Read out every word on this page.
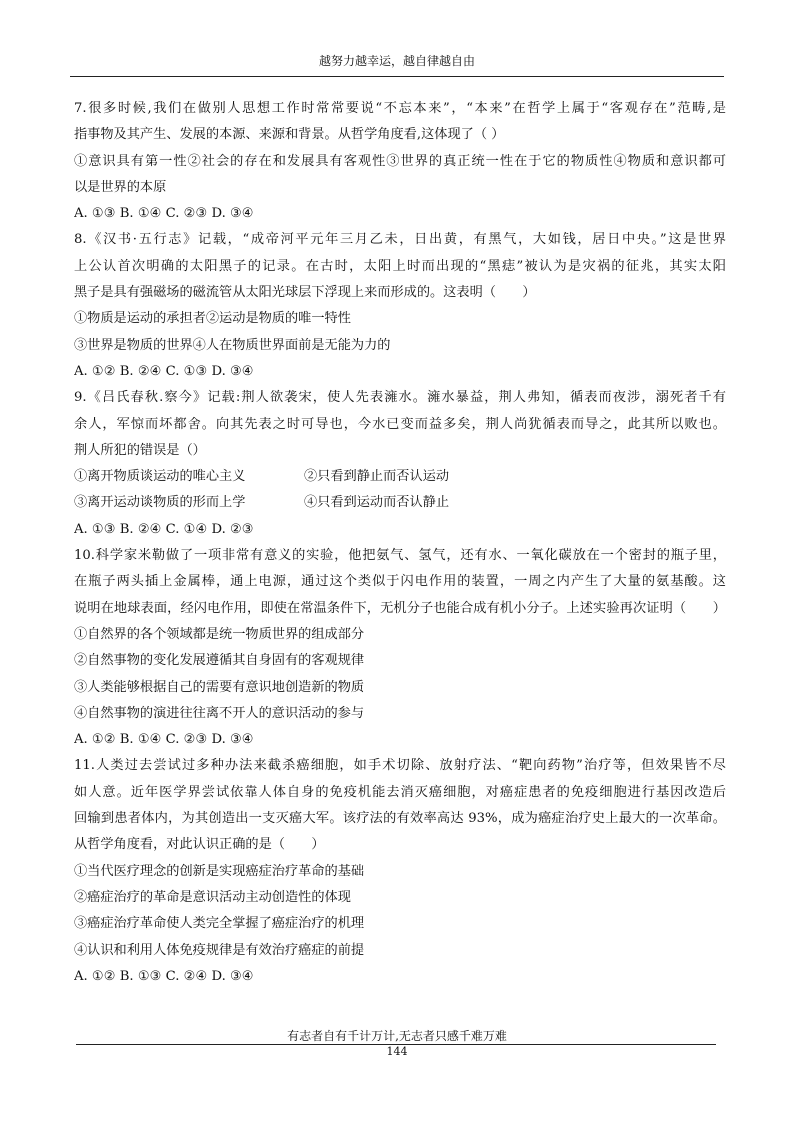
越努力越幸运，越自律越自由

7.很多时候,我们在做别人思想工作时常常要说“不忘本来”，“本来”在哲学上属于“客观存在”范畴,是

指事物及其产生、发展的本源、来源和背景。从哲学角度看,这体现了（ ）

①意识具有第一性②社会的存在和发展具有客观性③世界的真正统一性在于它的物质性④物质和意识都可

以是世界的本原

A. ①③ B. ①④ C. ②③ D. ③④

8.《汉书·五行志》记载，“成帝河平元年三月乙未，日出黄，有黑气，大如钱，居日中央。”这是世界

上公认首次明确的太阳黑子的记录。在古时，太阳上时而出现的“黑痣”被认为是灾祸的征兆，其实太阳

黑子是具有强磁场的磁流管从太阳光球层下浮现上来而形成的。这表明（　　）

①物质是运动的承担者②运动是物质的唯一特性

③世界是物质的世界④人在物质世界面前是无能为力的

A. ①② B. ②④ C. ①③ D. ③④

9.《吕氏春秋.察今》记载:荆人欲袭宋，使人先表澭水。澭水暴益，荆人弗知，循表而夜涉，溺死者千有

余人，军惊而坏都舍。向其先表之时可导也，今水已变而益多矣，荆人尚犹循表而导之，此其所以败也。

荆人所犯的错误是（）

①离开物质谈运动的唯心主义	②只看到静止而否认运动

③离开运动谈物质的形而上学	④只看到运动而否认静止

A. ①③ B. ②④ C. ①④ D. ②③

10.科学家米勒做了一项非常有意义的实验，他把氨气、氢气，还有水、一氧化碳放在一个密封的瓶子里，

在瓶子两头插上金属棒，通上电源，通过这个类似于闪电作用的装置，一周之内产生了大量的氨基酸。这

说明在地球表面，经闪电作用，即使在常温条件下，无机分子也能合成有机小分子。上述实验再次证明（　　）

①自然界的各个领域都是统一物质世界的组成部分

②自然事物的变化发展遵循其自身固有的客观规律

③人类能够根据自己的需要有意识地创造新的物质

④自然事物的演进往往离不开人的意识活动的参与

A. ①② B. ①④ C. ②③ D. ③④

11.人类过去尝试过多种办法来截杀癌细胞，如手术切除、放射疗法、“靶向药物”治疗等，但效果皆不尽

如人意。近年医学界尝试依靠人体自身的免疫机能去消灭癌细胞，对癌症患者的免疫细胞进行基因改造后

回输到患者体内，为其创造出一支灭癌大军。该疗法的有效率高达 93%，成为癌症治疗史上最大的一次革命。

从哲学角度看，对此认识正确的是（　　）

①当代医疗理念的创新是实现癌症治疗革命的基础

②癌症治疗的革命是意识活动主动创造性的体现

③癌症治疗革命使人类完全掌握了癌症治疗的机理

④认识和利用人体免疫规律是有效治疗癌症的前提

A. ①② B. ①③ C. ②④ D. ③④

有志者自有千计万计,无志者只感千难万难
144
